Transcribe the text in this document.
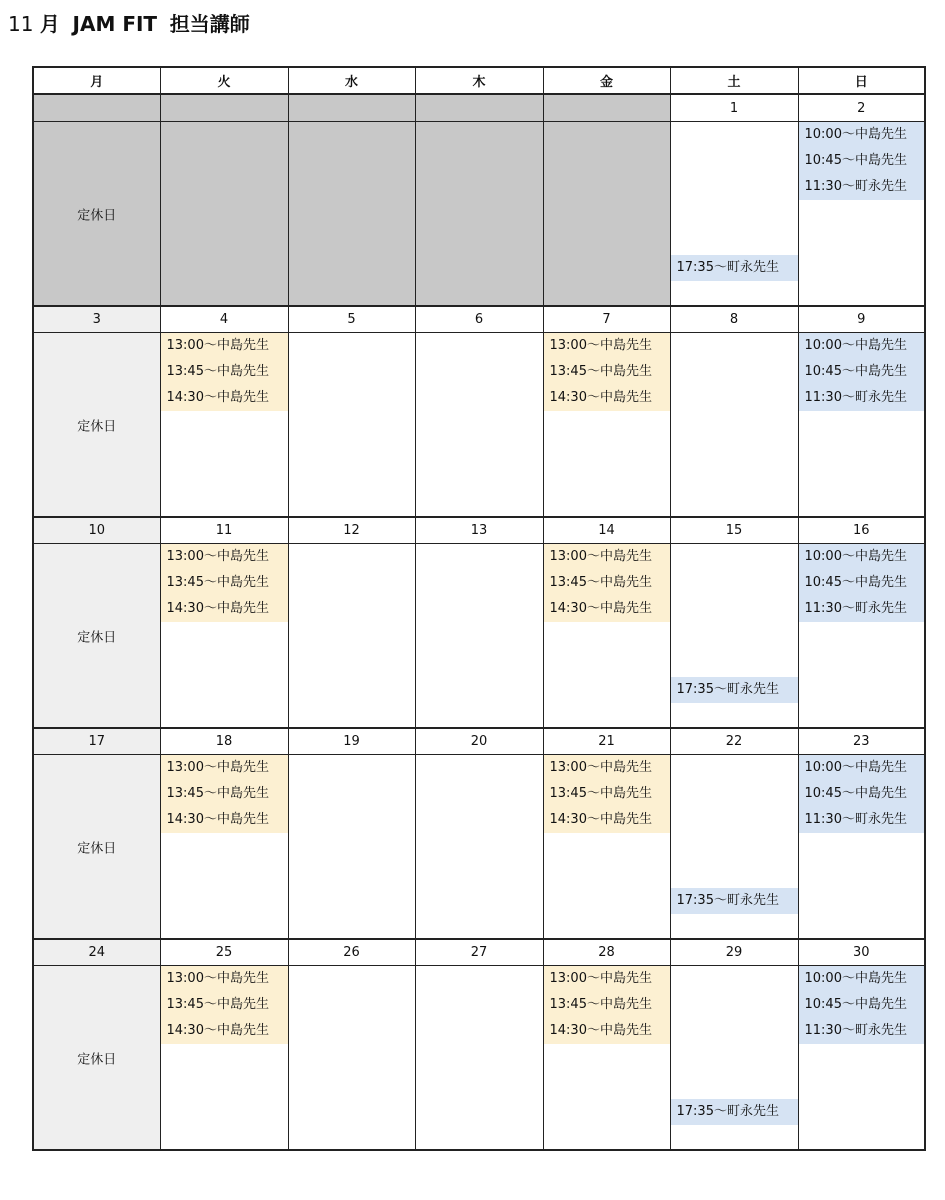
11 月 JAM FIT 担当講師
月	火	水	木	金	土	日
					1	2

定休日					17:35〜町永先生	10:00〜中島先生
10:45〜中島先生
11:30〜町永先生

3	4	5	6	7	8	9

定休日	13:00〜中島先生
13:45〜中島先生
14:30〜中島先生			13:00〜中島先生
13:45〜中島先生
14:30〜中島先生		10:00〜中島先生
10:45〜中島先生
11:30〜町永先生

10	11	12	13	14	15	16

定休日	13:00〜中島先生
13:45〜中島先生
14:30〜中島先生			13:00〜中島先生
13:45〜中島先生
14:30〜中島先生	17:35〜町永先生	10:00〜中島先生
10:45〜中島先生
11:30〜町永先生

17	18	19	20	21	22	23

定休日	13:00〜中島先生
13:45〜中島先生
14:30〜中島先生			13:00〜中島先生
13:45〜中島先生
14:30〜中島先生	17:35〜町永先生	10:00〜中島先生
10:45〜中島先生
11:30〜町永先生

24	25	26	27	28	29	30

定休日	13:00〜中島先生
13:45〜中島先生
14:30〜中島先生			13:00〜中島先生
13:45〜中島先生
14:30〜中島先生	17:35〜町永先生	10:00〜中島先生
10:45〜中島先生
11:30〜町永先生
